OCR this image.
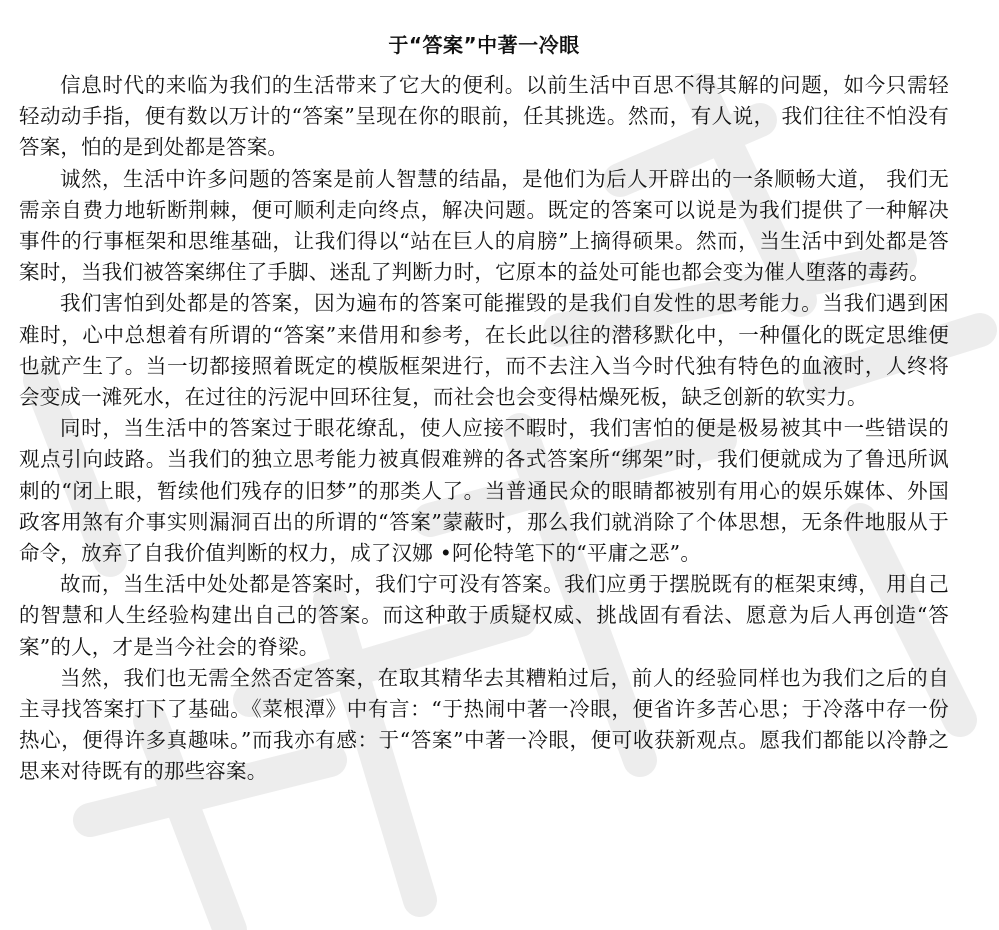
于“答案”中著一冷眼

信息时代的来临为我们的生活带来了它大的便利。以前生活中百思不得其解的问题，如今只需轻轻动动手指，便有数以万计的“答案”呈现在你的眼前，任其挑选。然而，有人说， 我们往往不怕没有答案，怕的是到处都是答案。

诚然，生活中许多问题的答案是前人智慧的结晶，是他们为后人开辟出的一条顺畅大道， 我们无需亲自费力地斩断荆棘，便可顺利走向终点，解决问题。既定的答案可以说是为我们提供了一种解决事件的行事框架和思维基础，让我们得以“站在巨人的肩膀”上摘得硕果。然而，当生活中到处都是答案时，当我们被答案绑住了手脚、迷乱了判断力时，它原本的益处可能也都会变为催人堕落的毒药。

我们害怕到处都是的答案，因为遍布的答案可能摧毁的是我们自发性的思考能力。当我们遇到困难时，心中总想着有所谓的“答案”来借用和参考，在长此以往的潜移默化中，一种僵化的既定思维便也就产生了。当一切都接照着既定的模版框架进行，而不去注入当今时代独有特色的血液时，人终将会变成一滩死水，在过往的污泥中回环往复，而社会也会变得枯燥死板，缺乏创新的软实力。

同时，当生活中的答案过于眼花缭乱，使人应接不暇时，我们害怕的便是极易被其中一些错误的观点引向歧路。当我们的独立思考能力被真假难辨的各式答案所“绑架”时，我们便就成为了鲁迅所讽刺的“闭上眼，暂续他们残存的旧梦”的那类人了。当普通民众的眼睛都被别有用心的娱乐媒体、外国政客用煞有介事实则漏洞百出的所谓的“答案”蒙蔽时，那么我们就消除了个体思想，无条件地服从于命令，放弃了自我价值判断的权力，成了汉娜 •阿伦特笔下的“平庸之恶”。

故而，当生活中处处都是答案时，我们宁可没有答案。我们应勇于摆脱既有的框架束缚， 用自己的智慧和人生经验构建出自己的答案。而这种敢于质疑权威、挑战固有看法、愿意为后人再创造“答案”的人，才是当今社会的脊梁。

当然，我们也无需全然否定答案，在取其精华去其糟粕过后，前人的经验同样也为我们之后的自主寻找答案打下了基础。《菜根潭》中有言：“于热闹中著一冷眼，便省许多苦心思；于冷落中存一份热心，便得许多真趣味。”而我亦有感：于“答案”中著一冷眼，便可收获新观点。愿我们都能以冷静之思来对待既有的那些容案。
